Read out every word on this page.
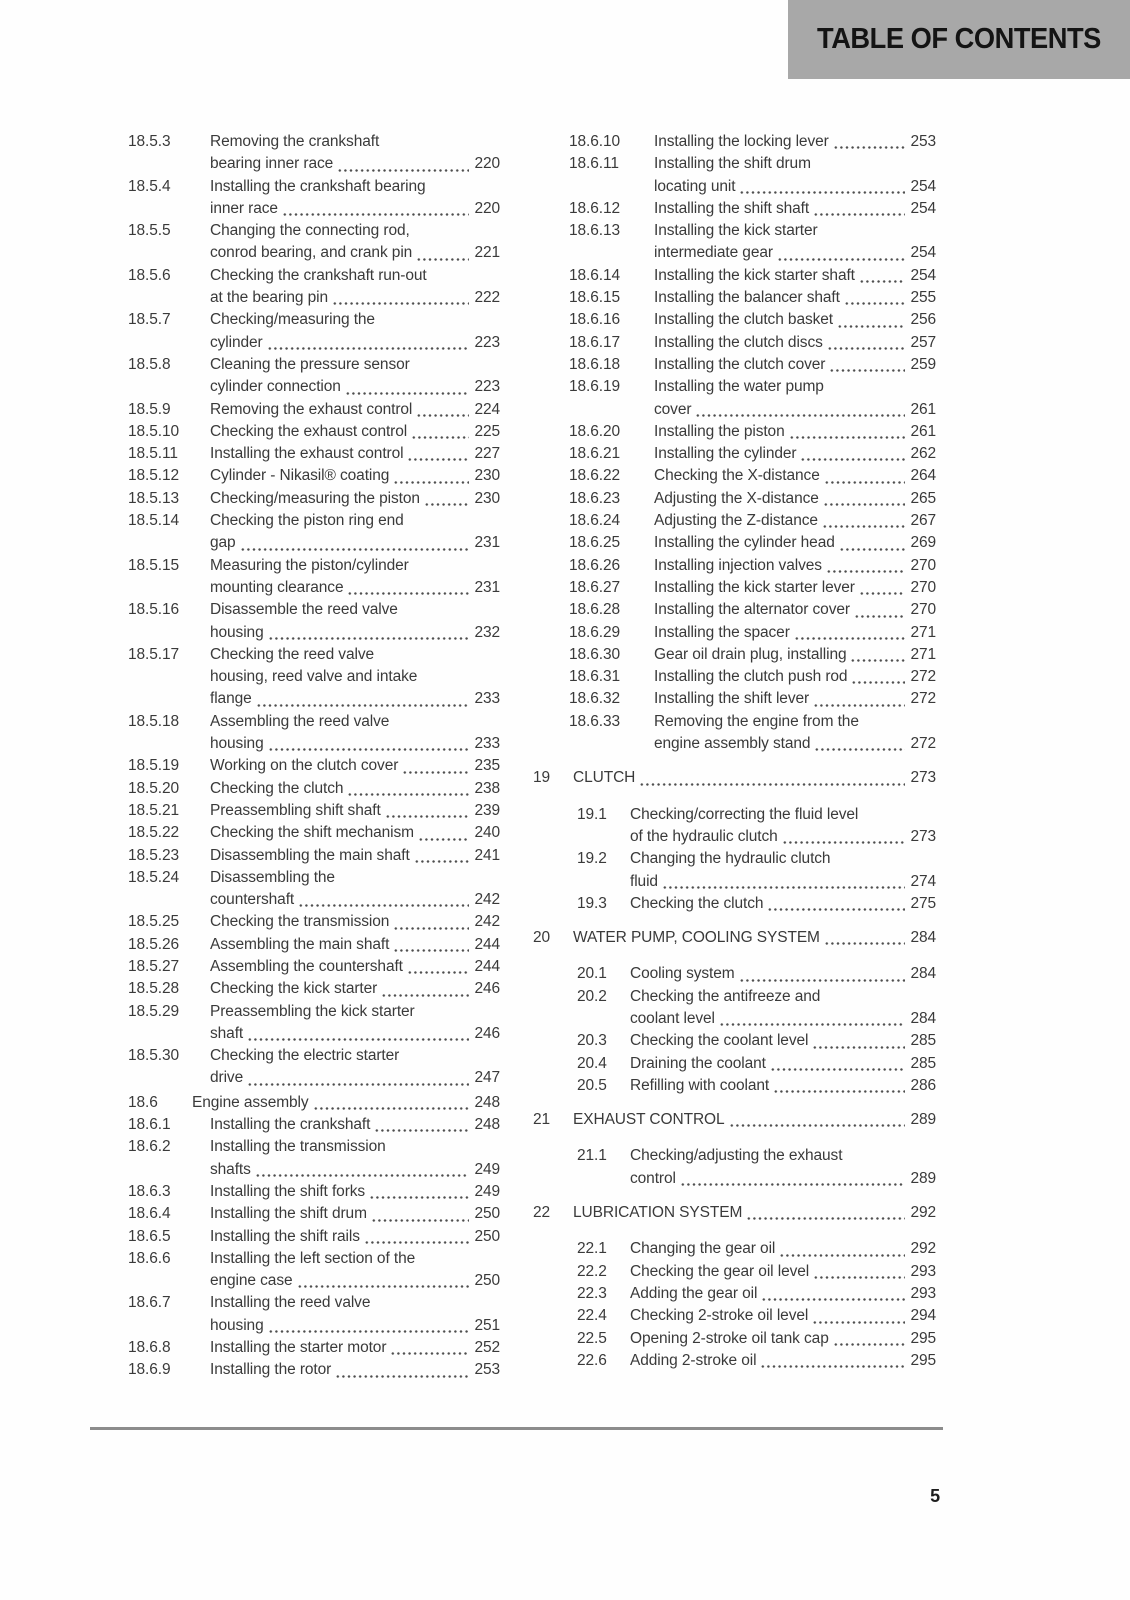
TABLE OF CONTENTS
18.5.3	Removing the crankshaft
bearing inner race	220
18.5.4	Installing the crankshaft bearing
inner race	220
18.5.5	Changing the connecting rod,
conrod bearing, and crank pin	221
18.5.6	Checking the crankshaft run-out
at the bearing pin	222
18.5.7	Checking/measuring the
cylinder	223
18.5.8	Cleaning the pressure sensor
cylinder connection	223
18.5.9	Removing the exhaust control	224
18.5.10	Checking the exhaust control	225
18.5.11	Installing the exhaust control	227
18.5.12	Cylinder - Nikasil® coating	230
18.5.13	Checking/measuring the piston	230
18.5.14	Checking the piston ring end
gap	231
18.5.15	Measuring the piston/cylinder
mounting clearance	231
18.5.16	Disassemble the reed valve
housing	232
18.5.17	Checking the reed valve
housing, reed valve and intake
flange	233
18.5.18	Assembling the reed valve
housing	233
18.5.19	Working on the clutch cover	235
18.5.20	Checking the clutch	238
18.5.21	Preassembling shift shaft	239
18.5.22	Checking the shift mechanism	240
18.5.23	Disassembling the main shaft	241
18.5.24	Disassembling the
countershaft	242
18.5.25	Checking the transmission	242
18.5.26	Assembling the main shaft	244
18.5.27	Assembling the countershaft	244
18.5.28	Checking the kick starter	246
18.5.29	Preassembling the kick starter
shaft	246
18.5.30	Checking the electric starter
drive	247
18.6	Engine assembly	248
18.6.1	Installing the crankshaft	248
18.6.2	Installing the transmission
shafts	249
18.6.3	Installing the shift forks	249
18.6.4	Installing the shift drum	250
18.6.5	Installing the shift rails	250
18.6.6	Installing the left section of the
engine case	250
18.6.7	Installing the reed valve
housing	251
18.6.8	Installing the starter motor	252
18.6.9	Installing the rotor	253
18.6.10	Installing the locking lever	253
18.6.11	Installing the shift drum
locating unit	254
18.6.12	Installing the shift shaft	254
18.6.13	Installing the kick starter
intermediate gear	254
18.6.14	Installing the kick starter shaft	254
18.6.15	Installing the balancer shaft	255
18.6.16	Installing the clutch basket	256
18.6.17	Installing the clutch discs	257
18.6.18	Installing the clutch cover	259
18.6.19	Installing the water pump
cover	261
18.6.20	Installing the piston	261
18.6.21	Installing the cylinder	262
18.6.22	Checking the X-distance	264
18.6.23	Adjusting the X-distance	265
18.6.24	Adjusting the Z-distance	267
18.6.25	Installing the cylinder head	269
18.6.26	Installing injection valves	270
18.6.27	Installing the kick starter lever	270
18.6.28	Installing the alternator cover	270
18.6.29	Installing the spacer	271
18.6.30	Gear oil drain plug, installing	271
18.6.31	Installing the clutch push rod	272
18.6.32	Installing the shift lever	272
18.6.33	Removing the engine from the
engine assembly stand	272
19	CLUTCH	273
19.1	Checking/correcting the fluid level
of the hydraulic clutch	273
19.2	Changing the hydraulic clutch
fluid	274
19.3	Checking the clutch	275
20	WATER PUMP, COOLING SYSTEM	284
20.1	Cooling system	284
20.2	Checking the antifreeze and
coolant level	284
20.3	Checking the coolant level	285
20.4	Draining the coolant	285
20.5	Refilling with coolant	286
21	EXHAUST CONTROL	289
21.1	Checking/adjusting the exhaust
control	289
22	LUBRICATION SYSTEM	292
22.1	Changing the gear oil	292
22.2	Checking the gear oil level	293
22.3	Adding the gear oil	293
22.4	Checking 2-stroke oil level	294
22.5	Opening 2-stroke oil tank cap	295
22.6	Adding 2-stroke oil	295
5
